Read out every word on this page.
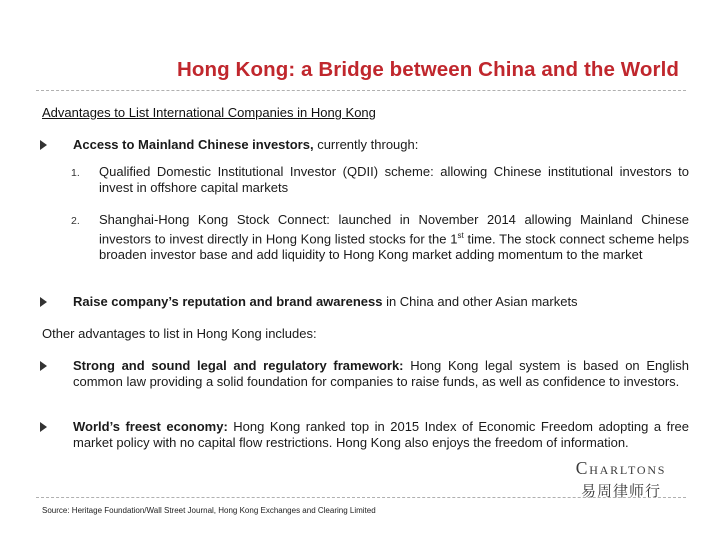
Hong Kong: a Bridge between China and the World
Advantages to List International Companies in Hong Kong
Access to Mainland Chinese investors, currently through:
1. Qualified Domestic Institutional Investor (QDII) scheme: allowing Chinese institutional investors to invest in offshore capital markets
2. Shanghai-Hong Kong Stock Connect: launched in November 2014 allowing Mainland Chinese investors to invest directly in Hong Kong listed stocks for the 1st time. The stock connect scheme helps broaden investor base and add liquidity to Hong Kong market adding momentum to the market
Raise company’s reputation and brand awareness in China and other Asian markets
Other advantages to list in Hong Kong includes:
Strong and sound legal and regulatory framework: Hong Kong legal system is based on English common law providing a solid foundation for companies to raise funds, as well as confidence to investors.
World’s freest economy: Hong Kong ranked top in 2015 Index of Economic Freedom adopting a free market policy with no capital flow restrictions. Hong Kong also enjoys the freedom of information.
Charltons
易周律师行
Source: Heritage Foundation/Wall Street Journal, Hong Kong Exchanges and Clearing Limited
